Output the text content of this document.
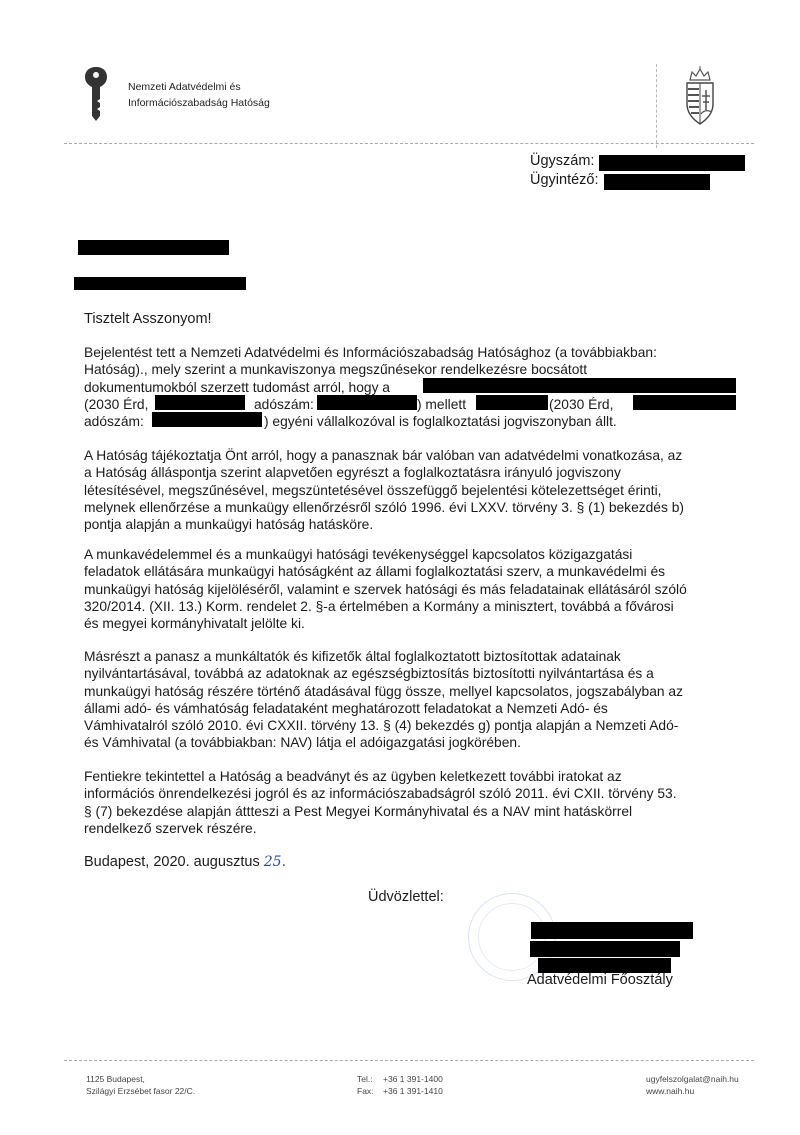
Nemzeti Adatvédelmi és
Információszabadság Hatóság
Ügyszám:
Ügyintéző:
Tisztelt Asszonyom!
Bejelentést tett a Nemzeti Adatvédelmi és Információszabadság Hatósághoz (a továbbiakban:
Hatóság)., mely szerint a munkaviszonya megszűnésekor rendelkezésre bocsátott
dokumentumokból szerzett tudomást arról, hogy a
(2030 Érd,	adószám:	) mellett	(2030 Érd,
adószám:	) egyéni vállalkozóval is foglalkoztatási jogviszonyban állt.
A Hatóság tájékoztatja Önt arról, hogy a panasznak bár valóban van adatvédelmi vonatkozása, az
a Hatóság álláspontja szerint alapvetően egyrészt a foglalkoztatásra irányuló jogviszony
létesítésével, megszűnésével, megszüntetésével összefüggő bejelentési kötelezettséget érinti,
melynek ellenőrzése a munkaügy ellenőrzésről szóló 1996. évi LXXV. törvény 3. § (1) bekezdés b)
pontja alapján a munkaügyi hatóság hatásköre.
A munkavédelemmel és a munkaügyi hatósági tevékenységgel kapcsolatos közigazgatási
feladatok ellátására munkaügyi hatóságként az állami foglalkoztatási szerv, a munkavédelmi és
munkaügyi hatóság kijelöléséről, valamint e szervek hatósági és más feladatainak ellátásáról szóló
320/2014. (XII. 13.) Korm. rendelet 2. §-a értelmében a Kormány a minisztert, továbbá a fővárosi
és megyei kormányhivatalt jelölte ki.
Másrészt a panasz a munkáltatók és kifizetők által foglalkoztatott biztosítottak adatainak
nyilvántartásával, továbbá az adatoknak az egészségbiztosítás biztosítotti nyilvántartása és a
munkaügyi hatóság részére történő átadásával függ össze, mellyel kapcsolatos, jogszabályban az
állami adó- és vámhatóság feladataként meghatározott feladatokat a Nemzeti Adó- és
Vámhivatalról szóló 2010. évi CXXII. törvény 13. § (4) bekezdés g) pontja alapján a Nemzeti Adó-
és Vámhivatal (a továbbiakban: NAV) látja el adóigazgatási jogkörében.
Fentiekre tekintettel a Hatóság a beadványt és az ügyben keletkezett további iratokat az
információs önrendelkezési jogról és az információszabadságról szóló 2011. évi CXII. törvény 53.
§ (7) bekezdése alapján áttteszi a Pest Megyei Kormányhivatal és a NAV mint hatáskörrel
rendelkező szervek részére.
Budapest, 2020. augusztus 25.
Üdvözlettel:
Adatvédelmi Főosztály
1125 Budapest,
Szilágyi Erzsébet fasor 22/C.
Tel.: +36 1 391-1400
Fax: +36 1 391-1410
ugyfelszolgalat@naih.hu
www.naih.hu
